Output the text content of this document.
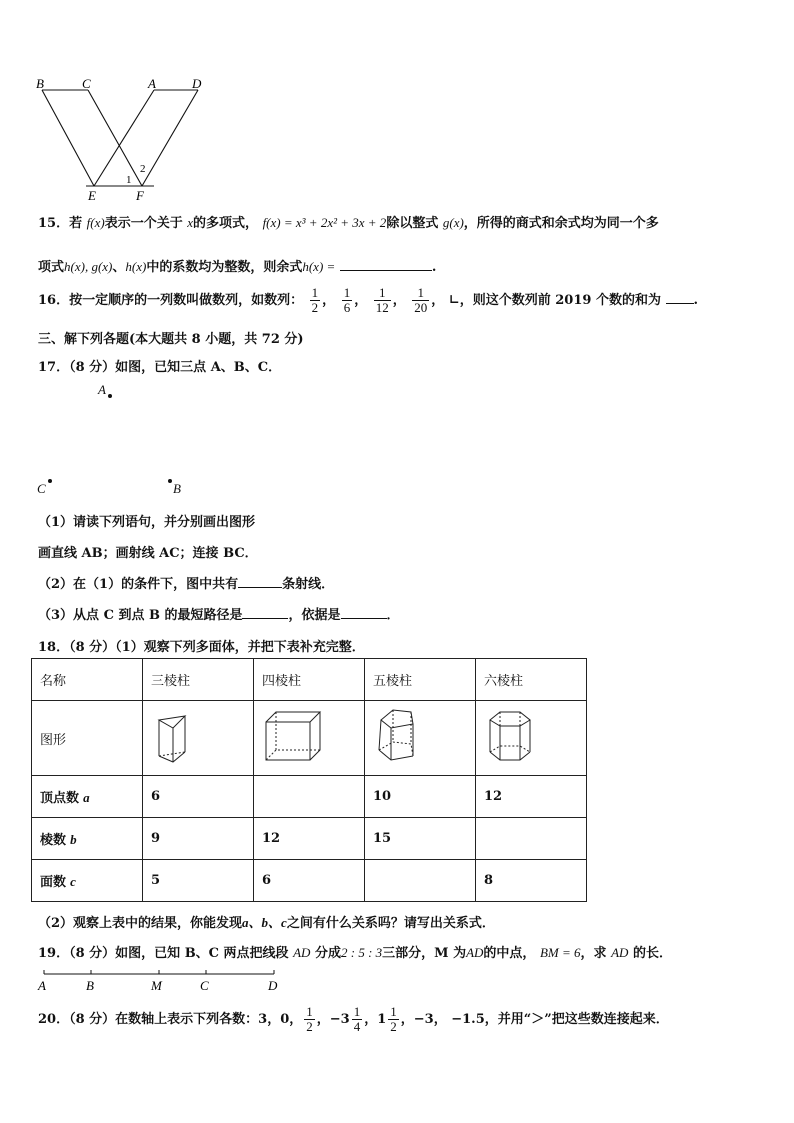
B	C	A	D
E	F
1
2
15．若 f(x)表示一个关于 x的多项式， f(x) = x³ + 2x² + 3x + 2除以整式 g(x)，所得的商式和余式均为同一个多
项式h(x), g(x)、h(x)中的系数均为整数，则余式h(x) =	.
16．按一定顺序的一列数叫做数列，如数列： $\frac{1}{2}$ ， $\frac{1}{6}$ ， $\frac{1}{12}$ ， $\frac{1}{20}$ ， ∟，则这个数列前 2019 个数的和为	.
三、解下列各题(本大题共 8 小题，共 72 分)
17．（8 分）如图，已知三点 A、B、C．
A
C	B
（1）请读下列语句，并分别画出图形
画直线 AB；画射线 AC；连接 BC．
（2）在（1）的条件下，图中共有	条射线．
（3）从点 C 到点 B 的最短路径是	，依据是	．
18．（8 分）（1）观察下列多面体，并把下表补充完整．
名称	三棱柱	四棱柱	五棱柱	六棱柱
图形				
顶点数 a	6		10	12
棱数 b	9	12	15	
面数 c	5	6		8
（2）观察上表中的结果，你能发现a、b、c之间有什么关系吗？请写出关系式．
19．（8 分）如图，已知 B、C 两点把线段 AD 分成2 : 5 : 3三部分，M 为AD的中点， BM = 6，求 AD 的长．
A	B	M	C	D
20．（8 分）在数轴上表示下列各数：3，0， $\frac{1}{2}$ ，$-3 \frac{1}{4}$ ，$1 \frac{1}{2}$ ，−3， −1.5，并用“＞”把这些数连接起来．
